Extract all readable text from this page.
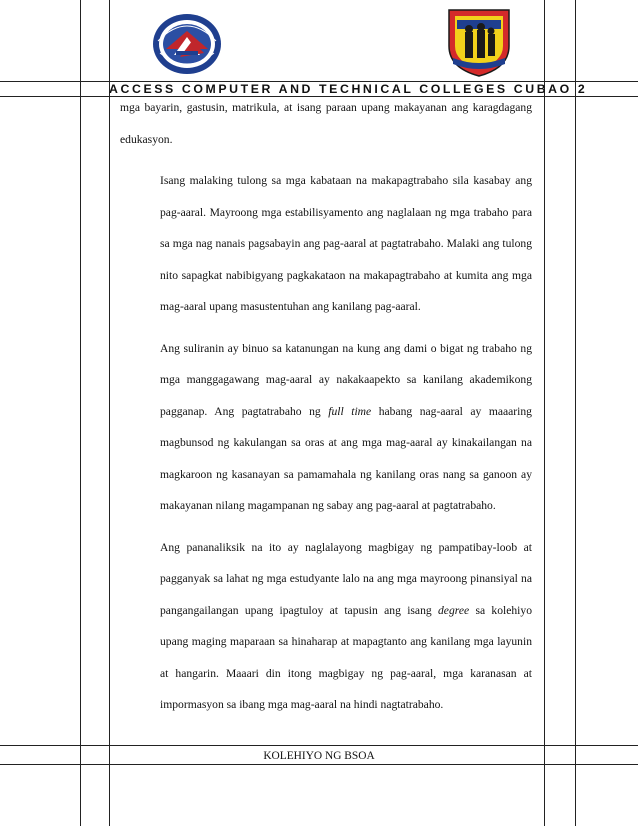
ACCESS COMPUTER AND TECHNICAL COLLEGES CUBAO 2

mga bayarin, gastusin, matrikula, at isang paraan upang makayanan ang karagdagang edukasyon.

Isang malaking tulong sa mga kabataan na makapagtrabaho sila kasabay ang pag-aaral. Mayroong mga estabilisyamento ang naglalaan ng mga trabaho para sa mga nag nanais pagsabayin ang pag-aaral at pagtatrabaho. Malaki ang tulong nito sapagkat nabibigyang pagkakataon na makapagtrabaho at kumita ang mga mag-aaral upang masustentuhan ang kanilang pag-aaral.

Ang suliranin ay binuo sa katanungan na kung ang dami o bigat ng trabaho ng mga manggagawang mag-aaral ay nakakaapekto sa kanilang akademikong pagganap. Ang pagtatrabaho ng full time habang nag-aaral ay maaaring magbunsod ng kakulangan sa oras at ang mga mag-aaral ay kinakailangan na magkaroon ng kasanayan sa pamamahala ng kanilang oras nang sa ganoon ay makayanan nilang magampanan ng sabay ang pag-aaral at pagtatrabaho.

Ang pananaliksik na ito ay naglalayong magbigay ng pampatibay-loob at pagganyak sa lahat ng mga estudyante lalo na ang mga mayroong pinansiyal na pangangailangan upang ipagtuloy at tapusin ang isang degree sa kolehiyo upang maging maparaan sa hinaharap at mapagtanto ang kanilang mga layunin at hangarin. Maaari din itong magbigay ng pag-aaral, mga karanasan at impormasyon sa ibang mga mag-aaral na hindi nagtatrabaho.

KOLEHIYO NG BSOA
